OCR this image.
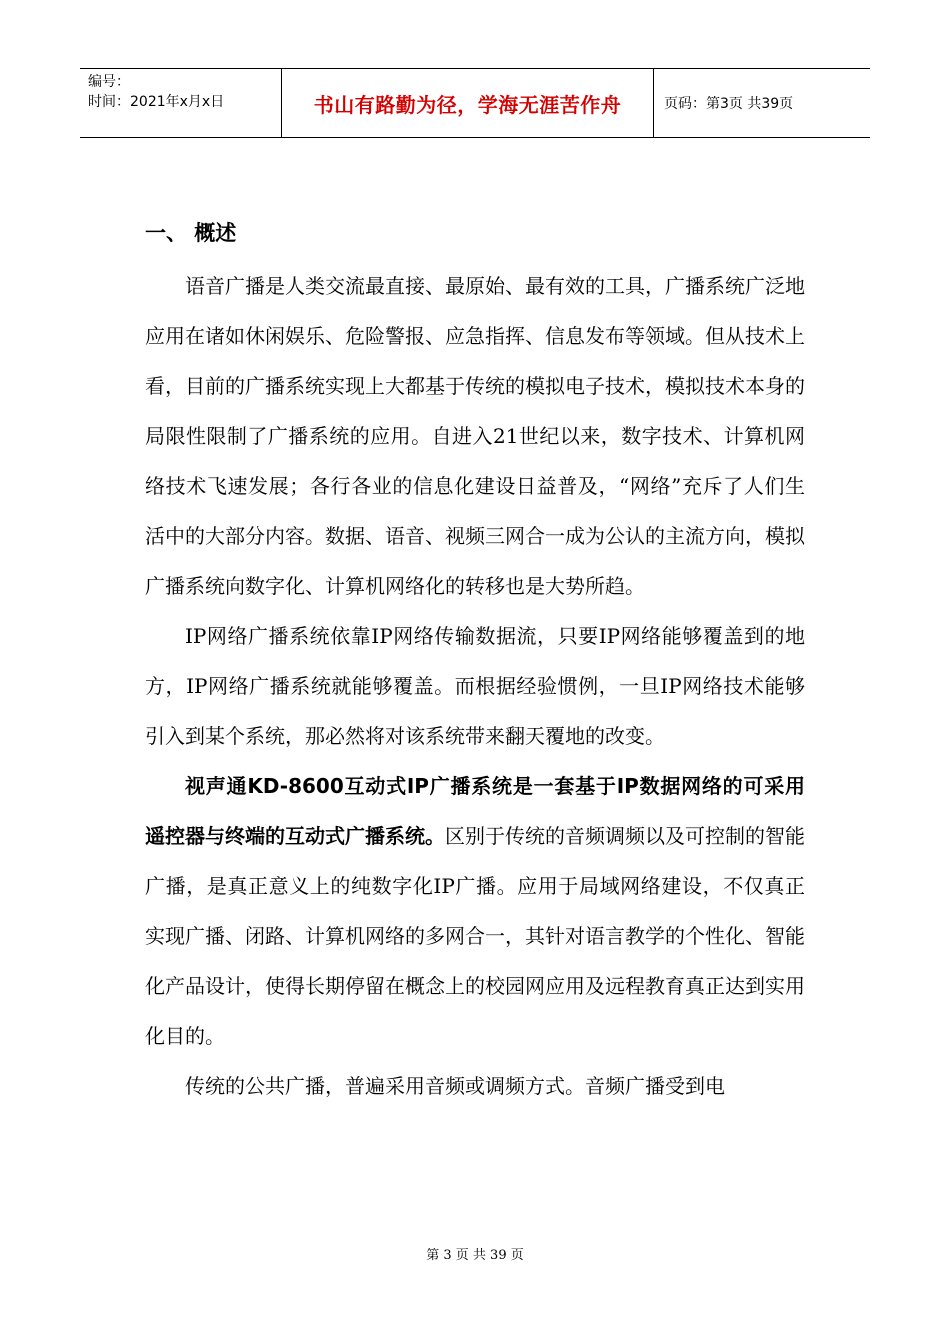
编号：
时间：2021年x月x日	书山有路勤为径，学海无涯苦作舟	页码：第3页 共39页
一、 概述

语音广播是人类交流最直接、最原始、最有效的工具，广播系统广泛地应用在诸如休闲娱乐、危险警报、应急指挥、信息发布等领域。但从技术上看，目前的广播系统实现上大都基于传统的模拟电子技术，模拟技术本身的局限性限制了广播系统的应用。自进入21世纪以来，数字技术、计算机网络技术飞速发展；各行各业的信息化建设日益普及，“网络”充斥了人们生活中的大部分内容。数据、语音、视频三网合一成为公认的主流方向，模拟广播系统向数字化、计算机网络化的转移也是大势所趋。

IP网络广播系统依靠IP网络传输数据流，只要IP网络能够覆盖到的地方，IP网络广播系统就能够覆盖。而根据经验惯例，一旦IP网络技术能够引入到某个系统，那必然将对该系统带来翻天覆地的改变。

视声通KD-8600互动式IP广播系统是一套基于IP数据网络的可采用遥控器与终端的互动式广播系统。区别于传统的音频调频以及可控制的智能广播，是真正意义上的纯数字化IP广播。应用于局域网络建设，不仅真正实现广播、闭路、计算机网络的多网合一，其针对语言教学的个性化、智能化产品设计，使得长期停留在概念上的校园网应用及远程教育真正达到实用化目的。

传统的公共广播，普遍采用音频或调频方式。音频广播受到电

第 3 页 共 39 页
